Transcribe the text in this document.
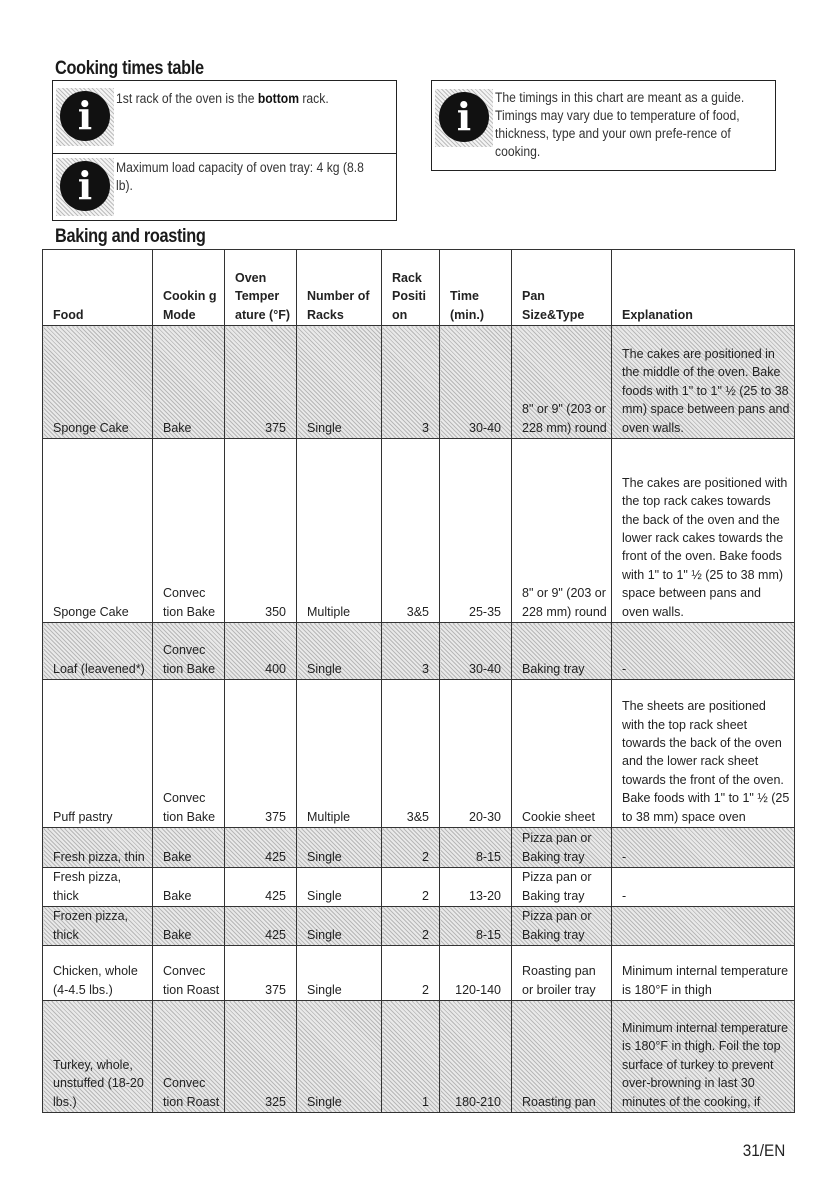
Cooking times table
i	1st rack of the oven is the bottom rack.
i	Maximum load capacity of oven tray: 4 kg (8.8 lb).
i	The timings in this chart are meant as a guide. Timings may vary due to temperature of food, thickness, type and your own prefe-rence of cooking.
Baking and roasting
Food	Cookin g Mode	Oven Temper ature (°F)	Number of Racks	Rack Positi on	Time (min.)	Pan Size&Type	Explanation
Sponge Cake	Bake	375	Single	3	30-40	8" or 9" (203 or 228 mm) round	The cakes are positioned in the middle of the oven. Bake foods with 1" to 1" ½ (25 to 38 mm) space between pans and oven walls.
Sponge Cake	Convec tion Bake	350	Multiple	3&5	25-35	8" or 9" (203 or 228 mm) round	The cakes are positioned with the top rack cakes towards the back of the oven and the lower rack cakes towards the front of the oven. Bake foods with 1" to 1" ½ (25 to 38 mm) space between pans and oven walls.
Loaf (leavened*)	Convec tion Bake	400	Single	3	30-40	Baking tray	-
Puff pastry	Convec tion Bake	375	Multiple	3&5	20-30	Cookie sheet	The sheets are positioned with the top rack sheet towards the back of the oven and the lower rack sheet towards the front of the oven. Bake foods with 1" to 1" ½ (25 to 38 mm) space oven
Fresh pizza, thin	Bake	425	Single	2	8-15	Pizza pan or Baking tray	-
Fresh pizza, thick	Bake	425	Single	2	13-20	Pizza pan or Baking tray	-
Frozen pizza, thick	Bake	425	Single	2	8-15	Pizza pan or Baking tray	
Chicken, whole (4-4.5 lbs.)	Convec tion Roast	375	Single	2	120-140	Roasting pan or broiler tray	Minimum internal temperature is 180°F in thigh
Turkey, whole, unstuffed (18-20 lbs.)	Convec tion Roast	325	Single	1	180-210	Roasting pan	Minimum internal temperature is 180°F in thigh. Foil the top surface of turkey to prevent over-browning in last 30 minutes of the cooking, if
31/EN
